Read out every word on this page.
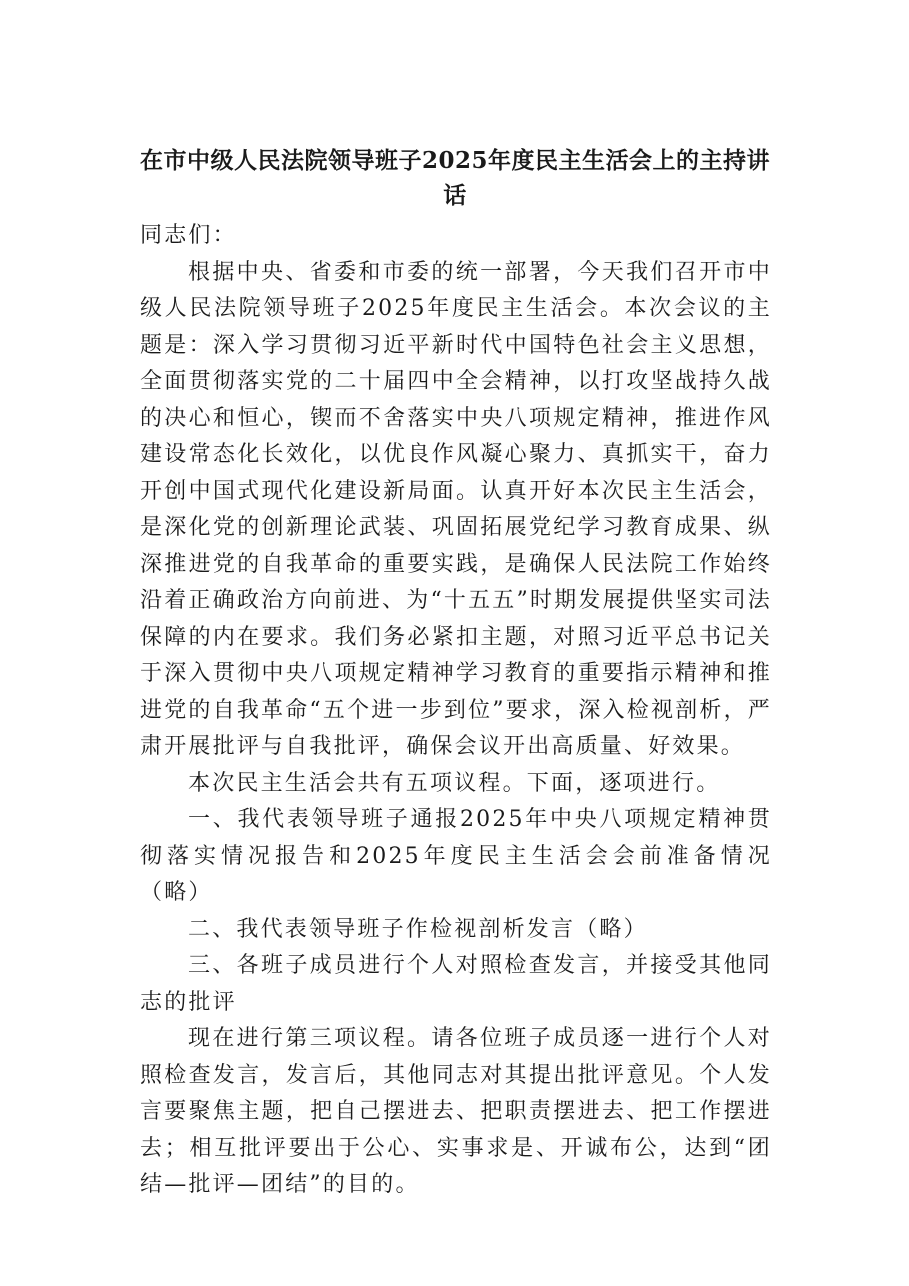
在市中级人民法院领导班子2025年度民主生活会上的主持讲话

同志们：

根据中央、省委和市委的统一部署，今天我们召开市中级人民法院领导班子2025年度民主生活会。本次会议的主题是：深入学习贯彻习近平新时代中国特色社会主义思想，全面贯彻落实党的二十届四中全会精神，以打攻坚战持久战的决心和恒心，锲而不舍落实中央八项规定精神，推进作风建设常态化长效化，以优良作风凝心聚力、真抓实干，奋力开创中国式现代化建设新局面。认真开好本次民主生活会，是深化党的创新理论武装、巩固拓展党纪学习教育成果、纵深推进党的自我革命的重要实践，是确保人民法院工作始终沿着正确政治方向前进、为“十五五”时期发展提供坚实司法保障的内在要求。我们务必紧扣主题，对照习近平总书记关于深入贯彻中央八项规定精神学习教育的重要指示精神和推进党的自我革命“五个进一步到位”要求，深入检视剖析，严肃开展批评与自我批评，确保会议开出高质量、好效果。

本次民主生活会共有五项议程。下面，逐项进行。

一、我代表领导班子通报2025年中央八项规定精神贯彻落实情况报告和2025年度民主生活会会前准备情况（略）

二、我代表领导班子作检视剖析发言（略）

三、各班子成员进行个人对照检查发言，并接受其他同志的批评

现在进行第三项议程。请各位班子成员逐一进行个人对照检查发言，发言后，其他同志对其提出批评意见。个人发言要聚焦主题，把自己摆进去、把职责摆进去、把工作摆进去；相互批评要出于公心、实事求是、开诚布公，达到“团结—批评—团结”的目的。
